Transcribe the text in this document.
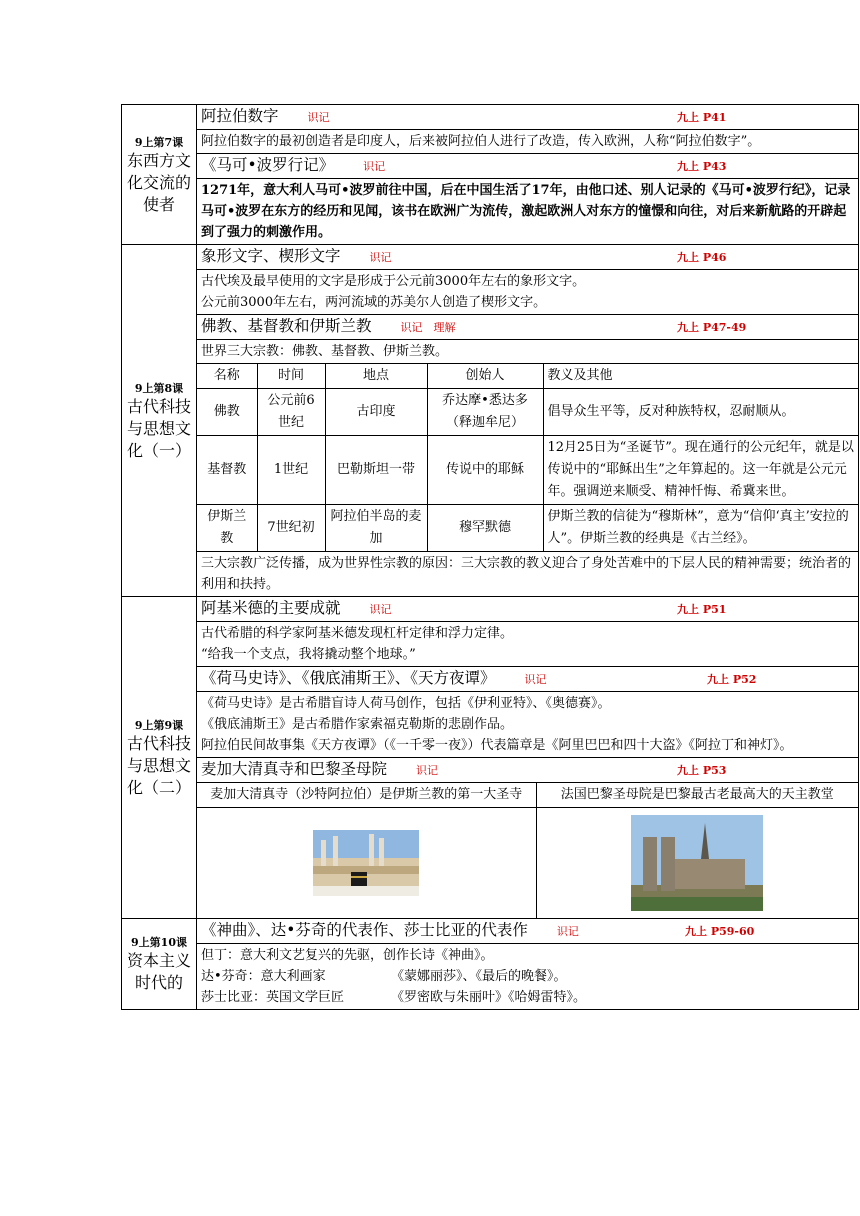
9上第7课
东西方文化交流的使者
	阿拉伯数字	识记	九上 P41

阿拉伯数字的最初创造者是印度人，后来被阿拉伯人进行了改造，传入欧洲，人称“阿拉伯数字”。
《马可•波罗行记》	识记	九上 P43

1271年，意大利人马可•波罗前往中国，后在中国生活了17年，由他口述、别人记录的《马可•波罗行纪》，记录马可•波罗在东方的经历和见闻，该书在欧洲广为流传，激起欧洲人对东方的憧憬和向往，对后来新航路的开辟起到了强力的刺激作用。

9上第8课
古代科技与思想文化（一）
	象形文字、楔形文字	识记	九上 P46

古代埃及最早使用的文字是形成于公元前3000年左右的象形文字。
公元前3000年左右，两河流域的苏美尔人创造了楔形文字。

佛教、基督教和伊斯兰教	识记　理解	九上 P47-49

世界三大宗教：佛教、基督教、伊斯兰教。

名称	时间	地点	创始人	教义及其他
佛教	公元前6世纪	古印度	乔达摩•悉达多（释迦牟尼）	倡导众生平等，反对种族特权，忍耐顺从。
基督教	1世纪	巴勒斯坦一带	传说中的耶稣	12月25日为“圣诞节”。现在通行的公元纪年，就是以传说中的“耶稣出生”之年算起的。这一年就是公元元年。强调逆来顺受、精神忏悔、希冀来世。
伊斯兰教	7世纪初	阿拉伯半岛的麦加	穆罕默德	伊斯兰教的信徒为“穆斯林”，意为“信仰‘真主’安拉的人”。伊斯兰教的经典是《古兰经》。

三大宗教广泛传播，成为世界性宗教的原因：三大宗教的教义迎合了身处苦难中的下层人民的精神需要；统治者的利用和扶持。

9上第9课
古代科技与思想文化（二）
	阿基米德的主要成就	识记	九上 P51

古代希腊的科学家阿基米德发现杠杆定律和浮力定律。
“给我一个支点，我将撬动整个地球。”

《荷马史诗》、《俄底浦斯王》、《天方夜谭》	识记	九上 P52

《荷马史诗》是古希腊盲诗人荷马创作，包括《伊利亚特》、《奥德赛》。
《俄底浦斯王》是古希腊作家索福克勒斯的悲剧作品。
阿拉伯民间故事集《天方夜谭》（《一千零一夜》）代表篇章是《阿里巴巴和四十大盗》《阿拉丁和神灯》。

麦加大清真寺和巴黎圣母院	识记	九上 P53

麦加大清真寺（沙特阿拉伯）是伊斯兰教的第一大圣寺	法国巴黎圣母院是巴黎最古老最高大的天主教堂

9上第10课
资本主义时代的
	《神曲》、达•芬奇的代表作、莎士比亚的代表作	识记	九上 P59-60

但丁：意大利文艺复兴的先驱，创作长诗《神曲》。
达•芬奇：意大利画家	《蒙娜丽莎》、《最后的晚餐》。
莎士比亚：英国文学巨匠	《罗密欧与朱丽叶》《哈姆雷特》。
